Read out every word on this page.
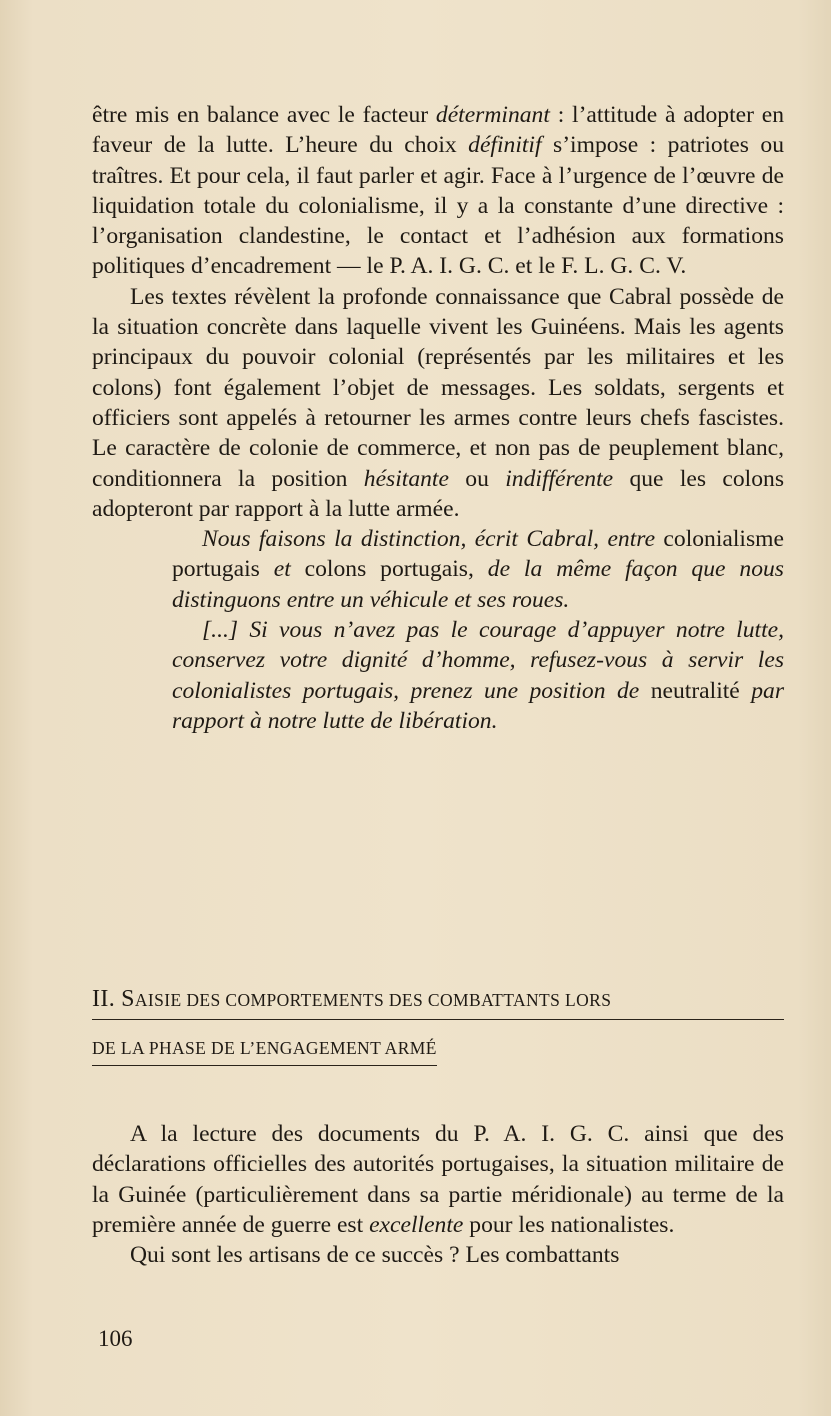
être mis en balance avec le facteur déterminant : l’attitude à adopter en faveur de la lutte. L’heure du choix définitif s’impose : patriotes ou traîtres. Et pour cela, il faut parler et agir. Face à l’urgence de l’œuvre de liquidation totale du colonialisme, il y a la constante d’une directive : l’organisation clandestine, le contact et l’adhésion aux formations politiques d’encadrement — le P. A. I. G. C. et le F. L. G. C. V.

Les textes révèlent la profonde connaissance que Cabral possède de la situation concrète dans laquelle vivent les Guinéens. Mais les agents principaux du pouvoir colonial (représentés par les militaires et les colons) font également l’objet de messages. Les soldats, sergents et officiers sont appelés à retourner les armes contre leurs chefs fascistes. Le caractère de colonie de commerce, et non pas de peuplement blanc, conditionnera la position hésitante ou indifférente que les colons adopteront par rapport à la lutte armée.

Nous faisons la distinction, écrit Cabral, entre colonialisme portugais et colons portugais, de la même façon que nous distinguons entre un véhicule et ses roues.

[...] Si vous n’avez pas le courage d’appuyer notre lutte, conservez votre dignité d’homme, refusez-vous à servir les colonialistes portugais, prenez une position de neutralité par rapport à notre lutte de libération.

II. SAISIE DES COMPORTEMENTS DES COMBATTANTS LORS
DE LA PHASE DE L’ENGAGEMENT ARMÉ

A la lecture des documents du P. A. I. G. C. ainsi que des déclarations officielles des autorités portugaises, la situation militaire de la Guinée (particulièrement dans sa partie méridionale) au terme de la première année de guerre est excellente pour les nationalistes.

Qui sont les artisans de ce succès ? Les combattants

106
